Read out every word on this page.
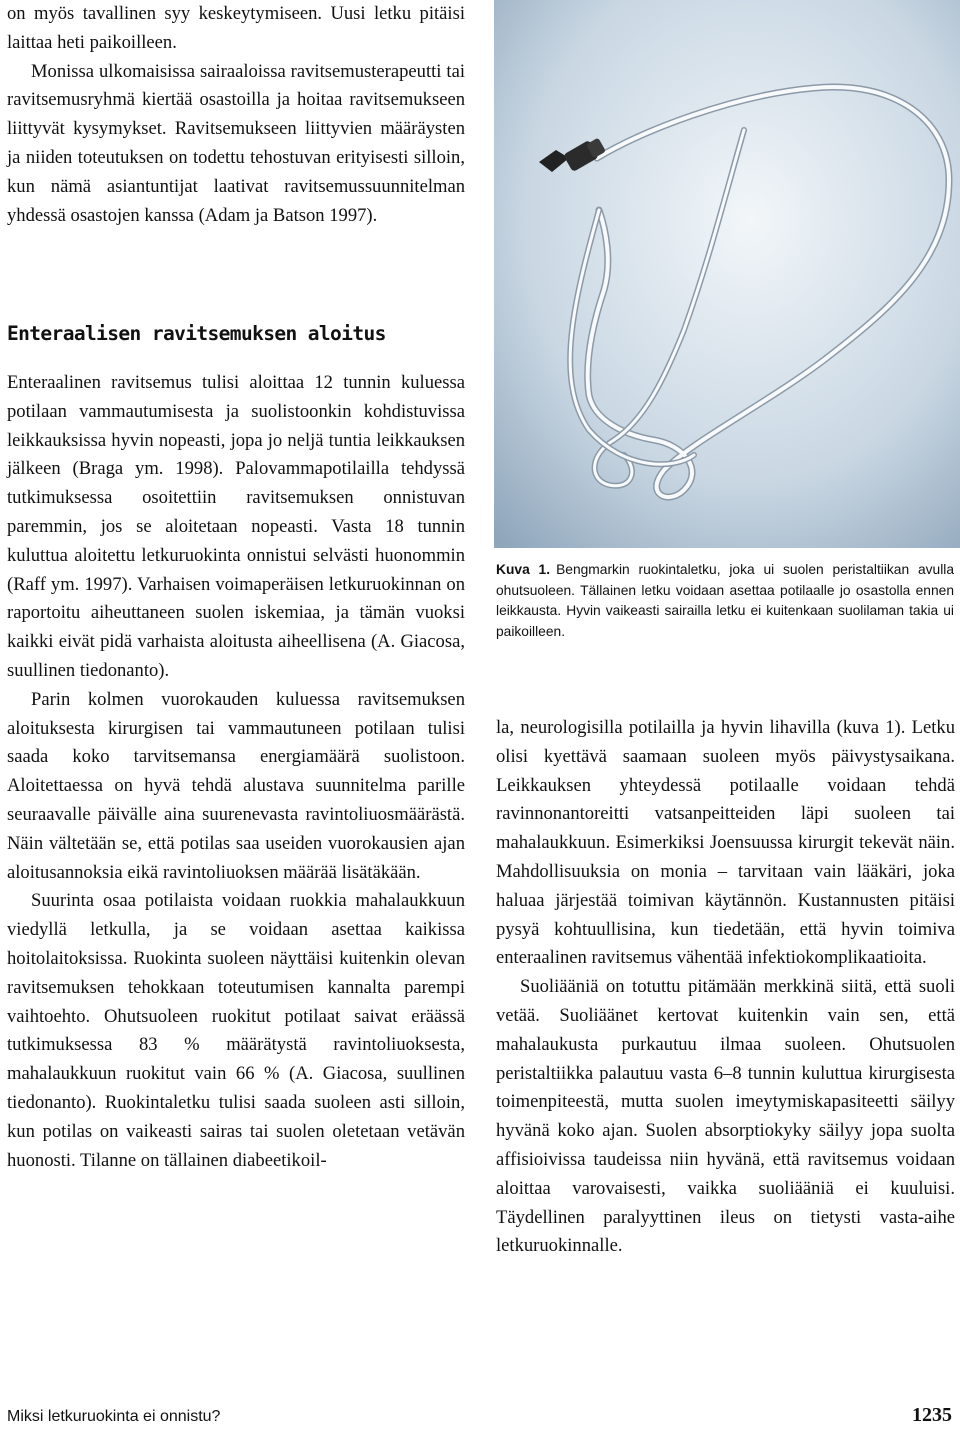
on myös tavallinen syy keskeytymiseen. Uusi letku pitäisi laittaa heti paikoilleen.

Monissa ulkomaisissa sairaaloissa ravitsemusterapeutti tai ravitsemusryhmä kiertää osastoilla ja hoitaa ravitsemukseen liittyvät kysymykset. Ravitsemukseen liittyvien määräysten ja niiden toteutuksen on todettu tehostuvan erityisesti silloin, kun nämä asiantuntijat laativat ravitsemussuunnitelman yhdessä osastojen kanssa (Adam ja Batson 1997).

Enteraalisen ravitsemuksen aloitus

Enteraalinen ravitsemus tulisi aloittaa 12 tunnin kuluessa potilaan vammautumisesta ja suolistoonkin kohdistuvissa leikkauksissa hyvin nopeasti, jopa jo neljä tuntia leikkauksen jälkeen (Braga ym. 1998). Palovammapotilailla tehdyssä tutkimuksessa osoitettiin ravitsemuksen onnistuvan paremmin, jos se aloitetaan nopeasti. Vasta 18 tunnin kuluttua aloitettu letkuruokinta onnistui selvästi huonommin (Raff ym. 1997). Varhaisen voimaperäisen letkuruokinnan on raportoitu aiheuttaneen suolen iskemiaa, ja tämän vuoksi kaikki eivät pidä varhaista aloitusta aiheellisena (A. Giacosa, suullinen tiedonanto).

Parin kolmen vuorokauden kuluessa ravitsemuksen aloituksesta kirurgisen tai vammautuneen potilaan tulisi saada koko tarvitsemansa energiamäärä suolistoon. Aloitettaessa on hyvä tehdä alustava suunnitelma parille seuraavalle päivälle aina suurenevasta ravintoliuosmäärästä. Näin vältetään se, että potilas saa useiden vuorokausien ajan aloitusannoksia eikä ravintoliuoksen määrää lisätäkään.

Suurinta osaa potilaista voidaan ruokkia mahalaukkuun viedyllä letkulla, ja se voidaan asettaa kaikissa hoitolaitoksissa. Ruokinta suoleen näyttäisi kuitenkin olevan ravitsemuksen tehokkaan toteutumisen kannalta parempi vaihtoehto. Ohutsuoleen ruokitut potilaat saivat eräässä tutkimuksessa 83 % määrätystä ravintoliuoksesta, mahalaukkuun ruokitut vain 66 % (A. Giacosa, suullinen tiedonanto). Ruokintaletku tulisi saada suoleen asti silloin, kun potilas on vaikeasti sairas tai suolen oletetaan vetävän huonosti. Tilanne on tällainen diabeetikoil-

Kuva 1. Bengmarkin ruokintaletku, joka ui suolen peristaltiikan avulla ohutsuoleen. Tällainen letku voidaan asettaa potilaalle jo osastolla ennen leikkausta. Hyvin vaikeasti sairailla letku ei kuitenkaan suolilaman takia ui paikoilleen.

la, neurologisilla potilailla ja hyvin lihavilla (kuva 1). Letku olisi kyettävä saamaan suoleen myös päivystysaikana. Leikkauksen yhteydessä potilaalle voidaan tehdä ravinnonantoreitti vatsanpeitteiden läpi suoleen tai mahalaukkuun. Esimerkiksi Joensuussa kirurgit tekevät näin. Mahdollisuuksia on monia – tarvitaan vain lääkäri, joka haluaa järjestää toimivan käytännön. Kustannusten pitäisi pysyä kohtuullisina, kun tiedetään, että hyvin toimiva enteraalinen ravitsemus vähentää infektiokomplikaatioita.

Suoliääniä on totuttu pitämään merkkinä siitä, että suoli vetää. Suoliäänet kertovat kuitenkin vain sen, että mahalaukusta purkautuu ilmaa suoleen. Ohutsuolen peristaltiikka palautuu vasta 6–8 tunnin kuluttua kirurgisesta toimenpiteestä, mutta suolen imeytymiskapasiteetti säilyy hyvänä koko ajan. Suolen absorptiokyky säilyy jopa suolta affisioivissa taudeissa niin hyvänä, että ravitsemus voidaan aloittaa varovaisesti, vaikka suoliääniä ei kuuluisi. Täydellinen paralyyttinen ileus on tietysti vasta-aihe letkuruokinnalle.

Miksi letkuruokinta ei onnistu?	1235
